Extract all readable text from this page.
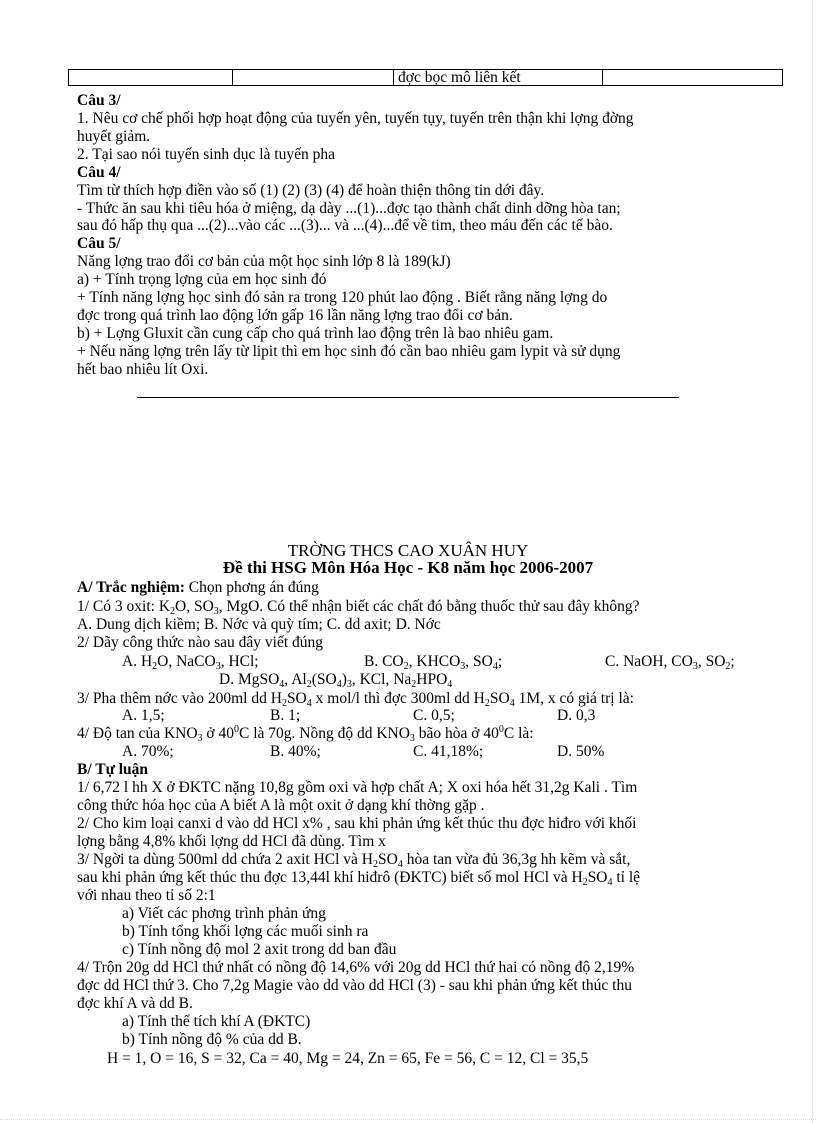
		đợc bọc mô liên kết	
Câu 3/
1. Nêu cơ chế phối hợp hoạt động của tuyến yên, tuyến tụy, tuyến trên thận khi lợng đờng
huyết giảm.
2. Tại sao nói tuyến sinh dục là tuyến pha
Câu 4/
Tìm từ thích hợp điền vào số (1) (2) (3) (4) để hoàn thiện thông tin dới đây.
- Thức ăn sau khi tiêu hóa ở miệng, dạ dày ...(1)...đợc tạo thành chất dinh dỡng hòa tan;
sau đó hấp thụ qua ...(2)...vào các ...(3)... và ...(4)...để về tim, theo máu đến các tế bào.
Câu 5/
Năng lợng trao đổi cơ bản của một học sinh lớp 8 là 189(kJ)
a) + Tính trọng lợng của em học sinh đó
+ Tính năng lợng học sinh đó sản ra trong 120 phút lao động . Biết rằng năng lợng do
đợc trong quá trình lao động lớn gấp 16 lần năng lợng trao đổi cơ bản.
b) + Lợng Gluxit cần cung cấp cho quá trình lao động trên là bao nhiêu gam.
+ Nếu năng lợng trên lấy từ lipit thì em học sinh đó cần bao nhiêu gam lypit và sử dụng
hết bao nhiêu lít Oxi.
TRỜNG THCS CAO XUÂN HUY
Đề thi HSG Môn Hóa Học - K8 năm học 2006-2007
A/ Trắc nghiệm: Chọn phơng án đúng
1/ Có 3 oxit: $K_2O$, $SO_3$, MgO. Có thể nhận biết các chất đó bằng thuốc thử sau đây không?
A. Dung dịch kiềm; B. Nớc và quỳ tím; C. dd axit; D. Nớc
2/ Dãy công thức nào sau đây viết đúng
A. $H_2O$, NaCO$_3$, HCl;	B. $CO_2$, $KHCO_3$, $SO_4$;	C. NaOH, $CO_3$, $SO_2$;
D. MgSO$_4$, $Al_2(SO_4)_3$, KCl, $Na_2HPO_4$
3/ Pha thêm nớc vào 200ml dd $H_2SO_4$ x mol/l thì đợc 300ml dd $H_2SO_4$ 1M, x có giá trị là:
A. 1,5;	B. 1;	C. 0,5;	D. 0,3
4/ Độ tan của $KNO_3$ ở $40^0C$ là 70g. Nồng độ dd $KNO_3$ bão hòa ở $40^0C$ là:
A. 70%;	B. 40%;	C. 41,18%;	D. 50%
B/ Tự luận
1/ 6,72 l hh X ở ĐKTC nặng 10,8g gồm oxi và hợp chất A; X oxi hóa hết 31,2g Kali . Tìm
công thức hóa học của A biết A là một oxit ở dạng khí thờng gặp .
2/ Cho kim loại canxi d vào dd HCl x% , sau khi phản ứng kết thúc thu đợc hiđro với khối
lợng bằng 4,8% khối lợng dd HCl đã dùng. Tìm x
3/ Ngời ta dùng 500ml dd chứa 2 axit HCl và $H_2SO_4$ hòa tan vừa đủ 36,3g hh kẽm và sắt,
sau khi phản ứng kết thúc thu đợc 13,44l khí hiđrô (ĐKTC) biết số mol HCl và $H_2SO_4$ tỉ lệ
với nhau theo tỉ số 2:1
a) Viết các phơng trình phản ứng
b) Tính tổng khối lợng các muối sinh ra
c) Tính nồng độ mol 2 axit trong dd ban đầu
4/ Trộn 20g dd HCl thứ nhất có nồng độ 14,6% với 20g dd HCl thứ hai có nồng độ 2,19%
đợc dd HCl thứ 3. Cho 7,2g Magie vào dd vào dd HCl (3) - sau khi phản ứng kết thúc thu
đợc khí A và dd B.
a) Tính thể tích khí A (ĐKTC)
b) Tính nồng độ % của dd B.
H = 1, O = 16, S = 32, Ca = 40, Mg = 24, Zn = 65, Fe = 56, C = 12, Cl = 35,5
